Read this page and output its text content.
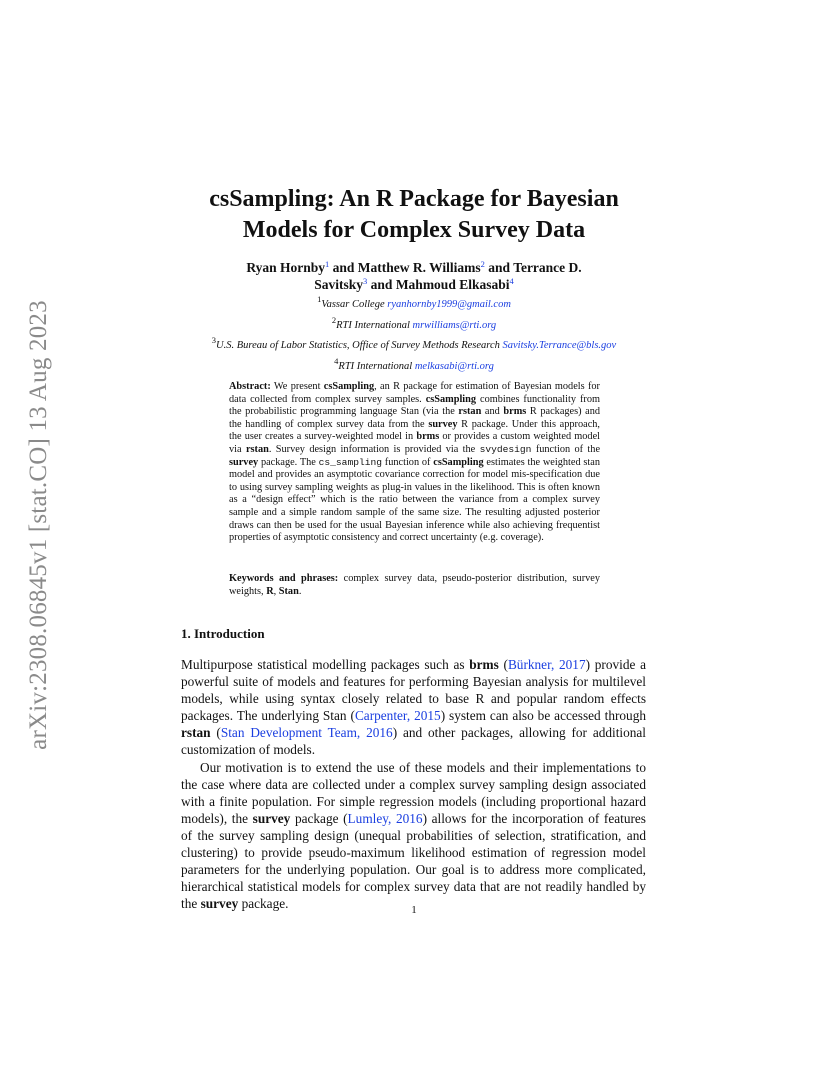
arXiv:2308.06845v1 [stat.CO] 13 Aug 2023
csSampling: An R Package for Bayesian
Models for Complex Survey Data

Ryan Hornby$^1$ and Matthew R. Williams$^2$ and Terrance D.
Savitsky$^3$ and Mahmoud Elkasabi$^4$

$^1$Vassar College ryanhornby1999@gmail.com

$^2$RTI International mrwilliams@rti.org

$^3$U.S. Bureau of Labor Statistics, Office of Survey Methods Research Savitsky.Terrance@bls.gov

$^4$RTI International melkasabi@rti.org

Abstract: We present csSampling, an R package for estimation of Bayesian models for data collected from complex survey samples. csSampling combines functionality from the probabilistic programming language Stan (via the rstan and brms R packages) and the handling of complex survey data from the survey R package. Under this approach, the user creates a survey-weighted model in brms or provides a custom weighted model via rstan. Survey design information is provided via the svydesign function of the survey package. The cs_sampling function of csSampling estimates the weighted stan model and provides an asymptotic covariance correction for model mis-specification due to using survey sampling weights as plug-in values in the likelihood. This is often known as a “design effect” which is the ratio between the variance from a complex survey sample and a simple random sample of the same size. The resulting adjusted posterior draws can then be used for the usual Bayesian inference while also achieving frequentist properties of asymptotic consistency and correct uncertainty (e.g. coverage).

Keywords and phrases: complex survey data, pseudo-posterior distribution, survey weights, R, Stan.

1. Introduction

Multipurpose statistical modelling packages such as brms (Bürkner, 2017) provide a powerful suite of models and features for performing Bayesian analysis for multilevel models, while using syntax closely related to base R and popular random effects packages. The underlying Stan (Carpenter, 2015) system can also be accessed through rstan (Stan Development Team, 2016) and other packages, allowing for additional customization of models.

Our motivation is to extend the use of these models and their implementations to the case where data are collected under a complex survey sampling design associated with a finite population. For simple regression models (including proportional hazard models), the survey package (Lumley, 2016) allows for the incorporation of features of the survey sampling design (unequal probabilities of selection, stratification, and clustering) to provide pseudo-maximum likelihood estimation of regression model parameters for the underlying population. Our goal is to address more complicated, hierarchical statistical models for complex survey data that are not readily handled by the survey package.	1
